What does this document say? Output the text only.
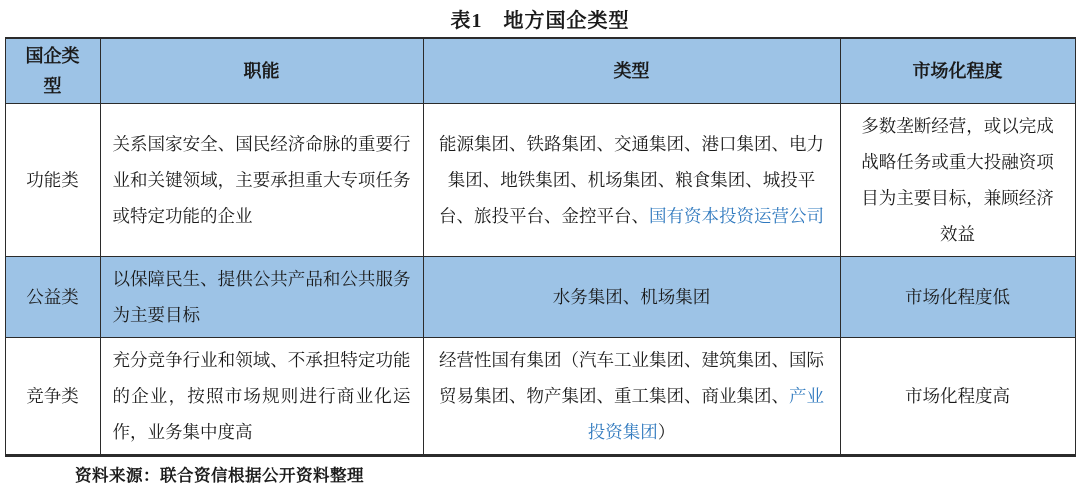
表1　地方国企类型
国企类型	职能	类型	市场化程度
功能类	关系国家安全、国民经济命脉的重要行业和关键领域，主要承担重大专项任务或特定功能的企业	能源集团、铁路集团、交通集团、港口集团、电力集团、地铁集团、机场集团、粮食集团、城投平台、旅投平台、金控平台、国有资本投资运营公司	多数垄断经营，或以完成战略任务或重大投融资项目为主要目标，兼顾经济效益
公益类	以保障民生、提供公共产品和公共服务为主要目标	水务集团、机场集团	市场化程度低
竞争类	充分竞争行业和领域、不承担特定功能的企业，按照市场规则进行商业化运作，业务集中度高	经营性国有集团（汽车工业集团、建筑集团、国际贸易集团、物产集团、重工集团、商业集团、产业投资集团）	市场化程度高
资料来源：联合资信根据公开资料整理
